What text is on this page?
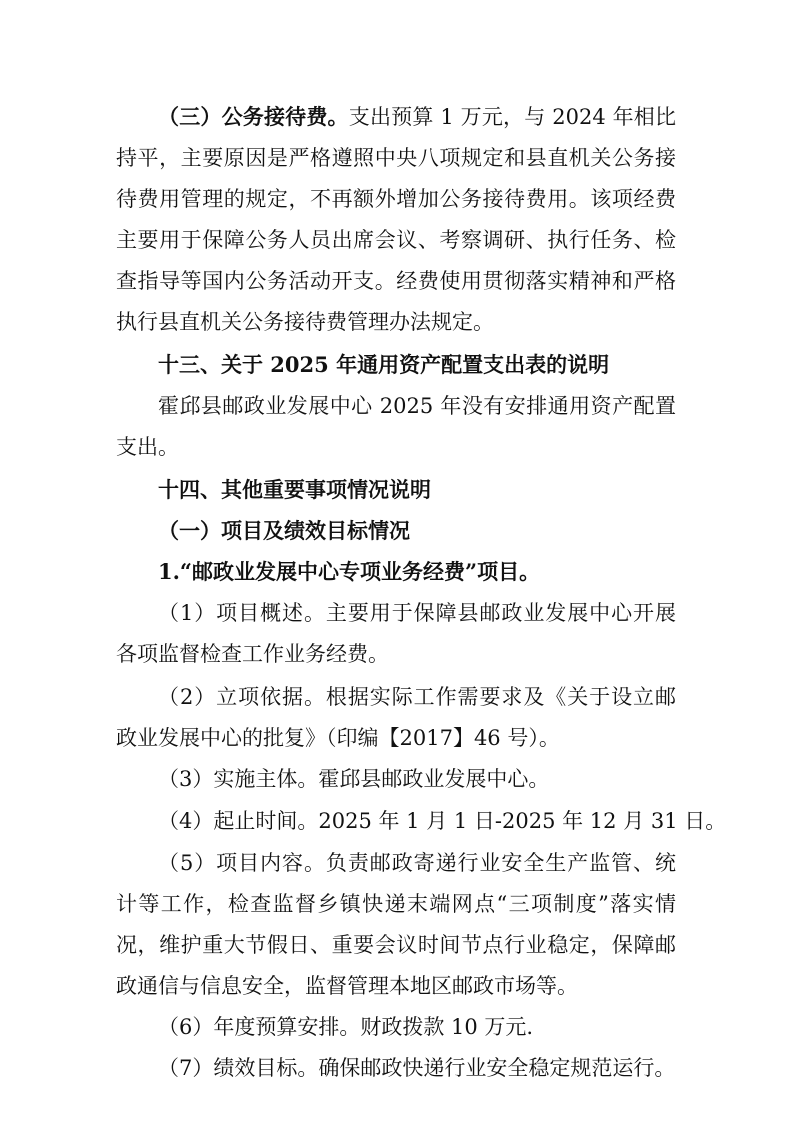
（三）公务接待费。支出预算 1 万元，与 2024 年相比
持平，主要原因是严格遵照中央八项规定和县直机关公务接
待费用管理的规定，不再额外增加公务接待费用。该项经费
主要用于保障公务人员出席会议、考察调研、执行任务、检
查指导等国内公务活动开支。经费使用贯彻落实精神和严格
执行县直机关公务接待费管理办法规定。
十三、关于 2025 年通用资产配置支出表的说明
霍邱县邮政业发展中心 2025 年没有安排通用资产配置
支出。
十四、其他重要事项情况说明
（一）项目及绩效目标情况
1.“邮政业发展中心专项业务经费”项目。
（1）项目概述。主要用于保障县邮政业发展中心开展
各项监督检查工作业务经费。
（2）立项依据。根据实际工作需要求及《关于设立邮
政业发展中心的批复》（印编【2017】46 号）。
（3）实施主体。霍邱县邮政业发展中心。
（4）起止时间。2025 年 1 月 1 日-2025 年 12 月 31 日。
（5）项目内容。负责邮政寄递行业安全生产监管、统
计等工作，检查监督乡镇快递末端网点“三项制度”落实情
况，维护重大节假日、重要会议时间节点行业稳定，保障邮
政通信与信息安全，监督管理本地区邮政市场等。
（6）年度预算安排。财政拨款 10 万元.
（7）绩效目标。确保邮政快递行业安全稳定规范运行。
